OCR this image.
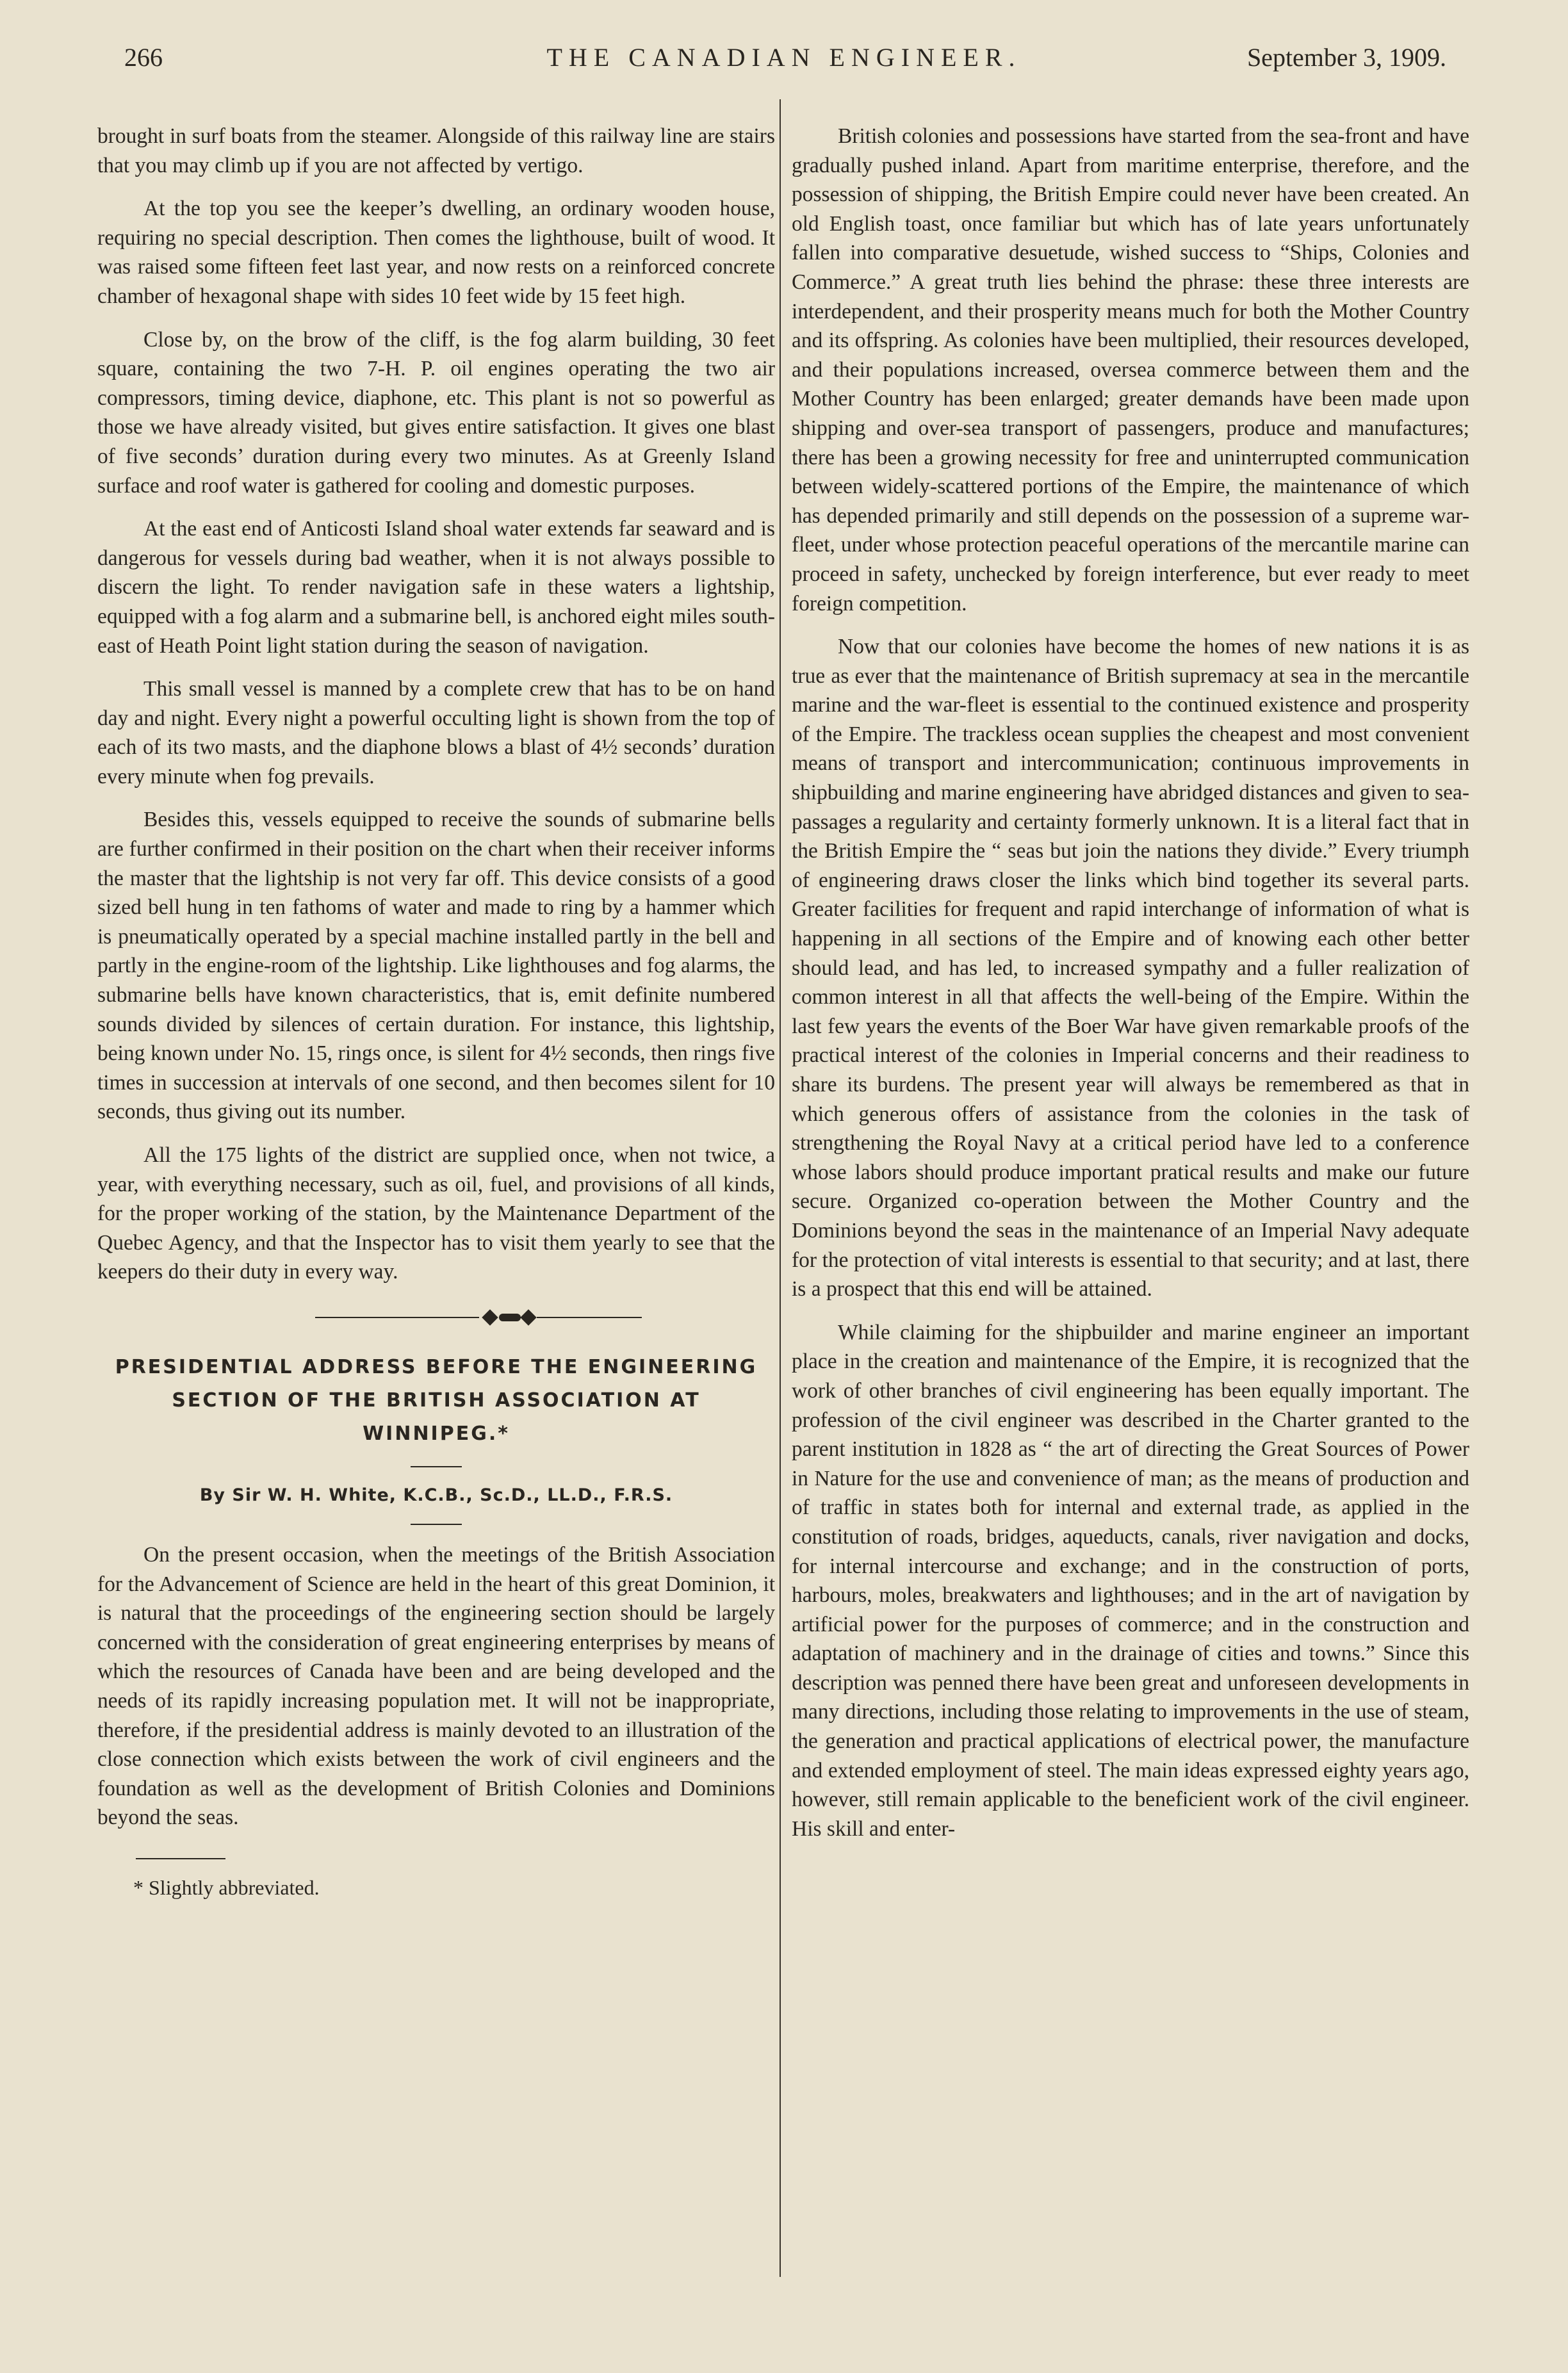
266	THE CANADIAN ENGINEER.	September 3, 1909.

brought in surf boats from the steamer. Alongside of this railway line are stairs that you may climb up if you are not affected by vertigo.

At the top you see the keeper’s dwelling, an ordinary wooden house, requiring no special description. Then comes the lighthouse, built of wood. It was raised some fifteen feet last year, and now rests on a reinforced concrete chamber of hexagonal shape with sides 10 feet wide by 15 feet high.

Close by, on the brow of the cliff, is the fog alarm building, 30 feet square, containing the two 7-H. P. oil engines operating the two air compressors, timing device, diaphone, etc. This plant is not so powerful as those we have already visited, but gives entire satisfaction. It gives one blast of five seconds’ duration during every two minutes. As at Greenly Island surface and roof water is gathered for cooling and domestic purposes.

At the east end of Anticosti Island shoal water extends far seaward and is dangerous for vessels during bad weather, when it is not always possible to discern the light. To render navigation safe in these waters a lightship, equipped with a fog alarm and a submarine bell, is anchored eight miles south-east of Heath Point light station during the season of navigation.

This small vessel is manned by a complete crew that has to be on hand day and night. Every night a powerful occulting light is shown from the top of each of its two masts, and the diaphone blows a blast of 4½ seconds’ duration every minute when fog prevails.

Besides this, vessels equipped to receive the sounds of submarine bells are further confirmed in their position on the chart when their receiver informs the master that the lightship is not very far off. This device consists of a good sized bell hung in ten fathoms of water and made to ring by a hammer which is pneumatically operated by a special machine installed partly in the bell and partly in the engine-room of the lightship. Like lighthouses and fog alarms, the submarine bells have known characteristics, that is, emit definite numbered sounds divided by silences of certain duration. For instance, this lightship, being known under No. 15, rings once, is silent for 4½ seconds, then rings five times in succession at intervals of one second, and then becomes silent for 10 seconds, thus giving out its number.

All the 175 lights of the district are supplied once, when not twice, a year, with everything necessary, such as oil, fuel, and provisions of all kinds, for the proper working of the station, by the Maintenance Department of the Quebec Agency, and that the Inspector has to visit them yearly to see that the keepers do their duty in every way.

PRESIDENTIAL ADDRESS BEFORE THE ENGINEERING SECTION OF THE BRITISH ASSOCIATION AT WINNIPEG.*
By Sir W. H. White, K.C.B., Sc.D., LL.D., F.R.S.

On the present occasion, when the meetings of the British Association for the Advancement of Science are held in the heart of this great Dominion, it is natural that the proceedings of the engineering section should be largely concerned with the consideration of great engineering enterprises by means of which the resources of Canada have been and are being developed and the needs of its rapidly increasing population met. It will not be inappropriate, therefore, if the presidential address is mainly devoted to an illustration of the close connection which exists between the work of civil engineers and the foundation as well as the development of British Colonies and Dominions beyond the seas.

* Slightly abbreviated.

British colonies and possessions have started from the sea-front and have gradually pushed inland. Apart from maritime enterprise, therefore, and the possession of shipping, the British Empire could never have been created. An old English toast, once familiar but which has of late years unfortunately fallen into comparative desuetude, wished success to “Ships, Colonies and Commerce.” A great truth lies behind the phrase: these three interests are interdependent, and their prosperity means much for both the Mother Country and its offspring. As colonies have been multiplied, their resources developed, and their populations increased, oversea commerce between them and the Mother Country has been enlarged; greater demands have been made upon shipping and over-sea transport of passengers, produce and manufactures; there has been a growing necessity for free and uninterrupted communication between widely-scattered portions of the Empire, the maintenance of which has depended primarily and still depends on the possession of a supreme war-fleet, under whose protection peaceful operations of the mercantile marine can proceed in safety, unchecked by foreign interference, but ever ready to meet foreign competition.

Now that our colonies have become the homes of new nations it is as true as ever that the maintenance of British supremacy at sea in the mercantile marine and the war-fleet is essential to the continued existence and prosperity of the Empire. The trackless ocean supplies the cheapest and most convenient means of transport and intercommunication; continuous improvements in shipbuilding and marine engineering have abridged distances and given to sea-passages a regularity and certainty formerly unknown. It is a literal fact that in the British Empire the “ seas but join the nations they divide.” Every triumph of engineering draws closer the links which bind together its several parts. Greater facilities for frequent and rapid interchange of information of what is happening in all sections of the Empire and of knowing each other better should lead, and has led, to increased sympathy and a fuller realization of common interest in all that affects the well-being of the Empire. Within the last few years the events of the Boer War have given remarkable proofs of the practical interest of the colonies in Imperial concerns and their readiness to share its burdens. The present year will always be remembered as that in which generous offers of assistance from the colonies in the task of strengthening the Royal Navy at a critical period have led to a conference whose labors should produce important pratical results and make our future secure. Organized co-operation between the Mother Country and the Dominions beyond the seas in the maintenance of an Imperial Navy adequate for the protection of vital interests is essential to that security; and at last, there is a prospect that this end will be attained.

While claiming for the shipbuilder and marine engineer an important place in the creation and maintenance of the Empire, it is recognized that the work of other branches of civil engineering has been equally important. The profession of the civil engineer was described in the Charter granted to the parent institution in 1828 as “ the art of directing the Great Sources of Power in Nature for the use and convenience of man; as the means of production and of traffic in states both for internal and external trade, as applied in the constitution of roads, bridges, aqueducts, canals, river navigation and docks, for internal intercourse and exchange; and in the construction of ports, harbours, moles, breakwaters and lighthouses; and in the art of navigation by artificial power for the purposes of commerce; and in the construction and adaptation of machinery and in the drainage of cities and towns.” Since this description was penned there have been great and unforeseen developments in many directions, including those relating to improvements in the use of steam, the generation and practical applications of electrical power, the manufacture and extended employment of steel. The main ideas expressed eighty years ago, however, still remain applicable to the beneficient work of the civil engineer. His skill and enter-
